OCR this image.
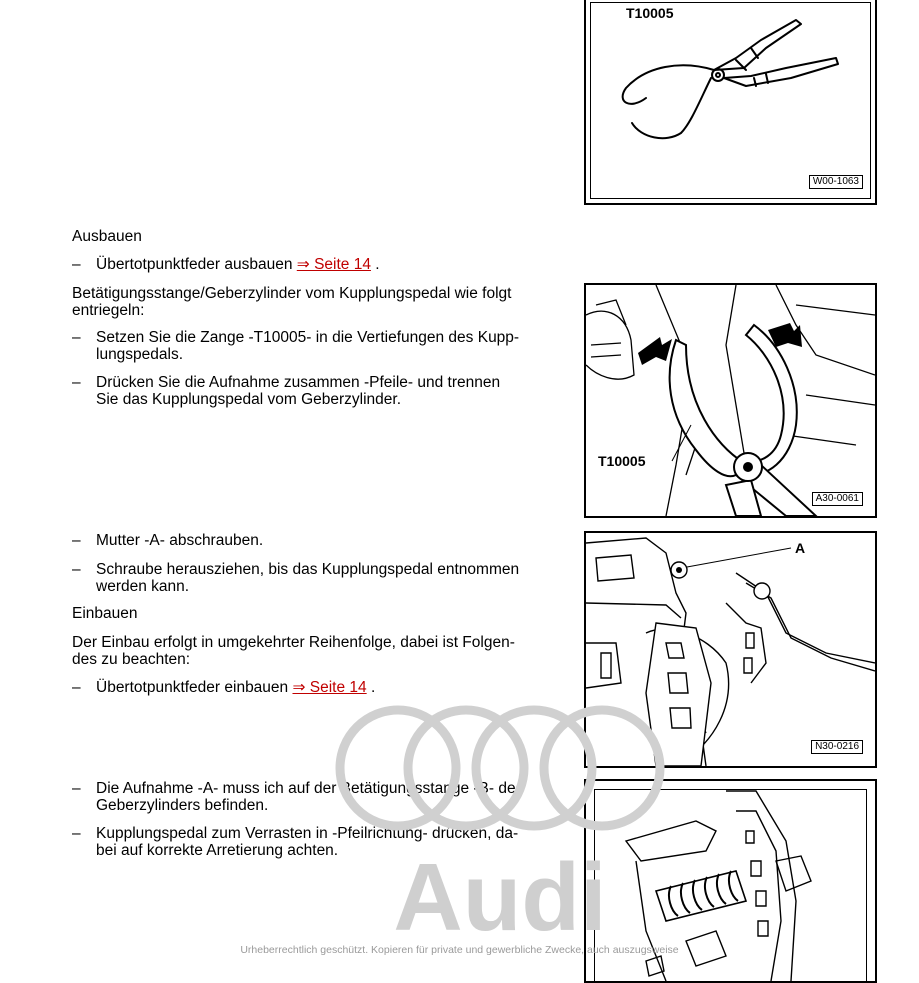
T10005
W00-1063
Ausbauen
– Übertotpunktfeder ausbauen ⇒ Seite 14 .
Betätigungsstange/Geberzylinder vom Kupplungspedal wie folgt
entriegeln:
– Setzen Sie die Zange -T10005- in die Vertiefungen des Kupp-
lungspedals.
– Drücken Sie die Aufnahme zusammen -Pfeile- und trennen
Sie das Kupplungspedal vom Geberzylinder.
T10005
A30-0061
– Mutter -A- abschrauben.
– Schraube herausziehen, bis das Kupplungspedal entnommen
werden kann.
Einbauen
Der Einbau erfolgt in umgekehrter Reihenfolge, dabei ist Folgen-
des zu beachten:
– Übertotpunktfeder einbauen ⇒ Seite 14 .
A
N30-0216
– Die Aufnahme -A- muss ich auf der Betätigungsstange -B- des
Geberzylinders befinden.
– Kupplungspedal zum Verrasten in -Pfeilrichtung- drücken, da-
bei auf korrekte Arretierung achten. Audi
Urheberrechtlich geschützt. Kopieren für private und gewerbliche Zwecke, auch auszugsweise
